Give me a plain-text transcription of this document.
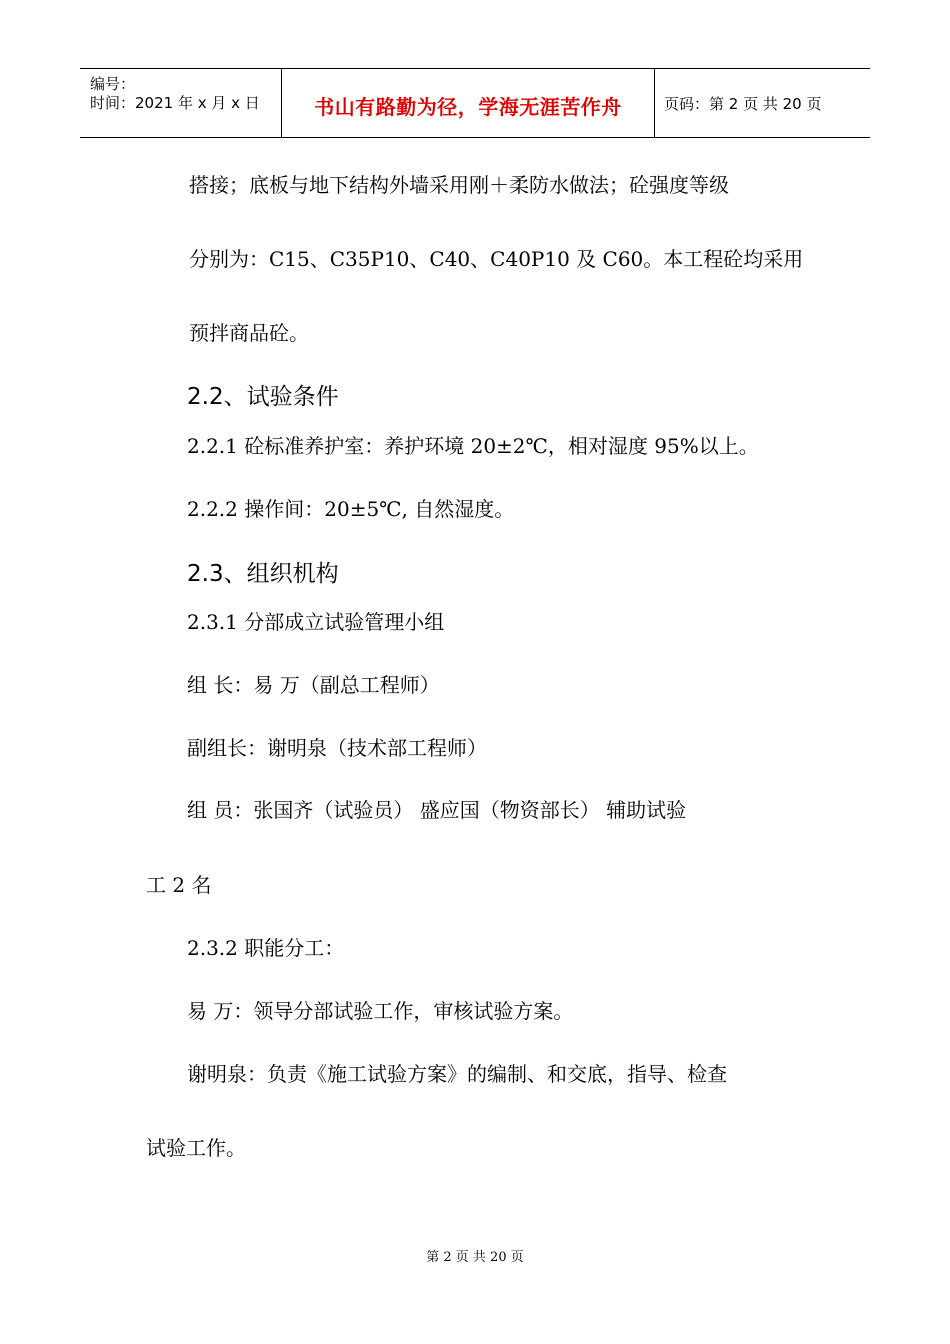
编号：
时间：2021 年 x 月 x 日	书山有路勤为径，学海无涯苦作舟	页码：第 2 页 共 20 页
搭接；底板与地下结构外墙采用刚＋柔防水做法；砼强度等级
分别为：C15、C35P10、C40、C40P10 及 C60。本工程砼均采用
预拌商品砼。
2.2、试验条件
2.2.1 砼标准养护室：养护环境 20±2℃，相对湿度 95%以上。
2.2.2 操作间：20±5℃, 自然湿度。
2.3、组织机构
2.3.1 分部成立试验管理小组
组 长：易 万（副总工程师）
副组长：谢明泉（技术部工程师）
组 员：张国齐（试验员） 盛应国（物资部长） 辅助试验
工 2 名
2.3.2 职能分工：
易 万：领导分部试验工作，审核试验方案。
谢明泉：负责《施工试验方案》的编制、和交底，指导、检查
试验工作。
第 2 页 共 20 页
